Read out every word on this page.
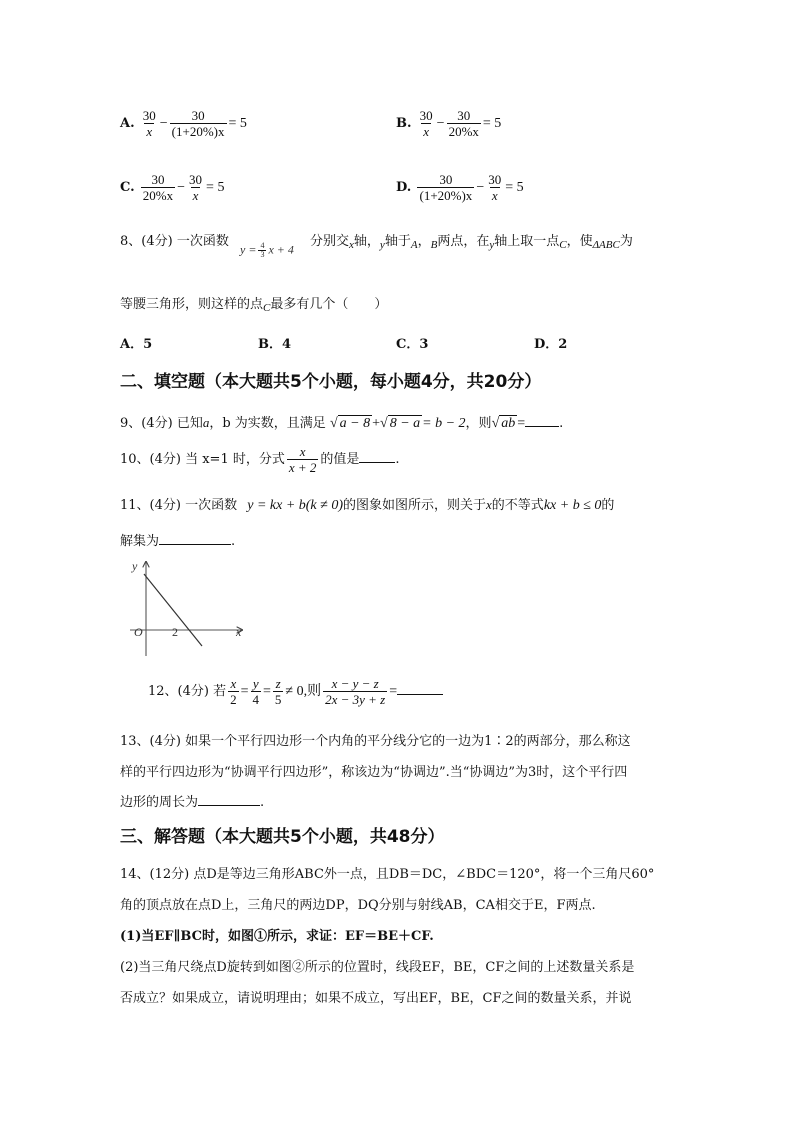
A. $\frac{30}{x} - \frac{30}{(1+20\%)x} = 5$	B. $\frac{30}{x} - \frac{30}{20\%x} = 5$
C. $\frac{30}{20\%x} - \frac{30}{x} = 5$	D. $\frac{30}{(1+20\%)x} - \frac{30}{x} = 5$
8、(4分) 一次函数
$y = \frac{4}{3}$ x + 4
分别交$_x$轴，$_y$轴于$_A$，$_B$两点，在$_y$轴上取一点$_C$，使$_{\Delta ABC}$为
等腰三角形，则这样的点$_C$最多有几个（　　）
A．5	B．4	C．3	D．2
二、填空题（本大题共5个小题，每小题4分，共20分）
9、(4分) 已知a，b 为实数，且满足 √ a − 8 +√ 8 − a = b − 2，则√ ab =	.
10、(4分) 当 x=1 时，分式 $\frac{x}{x + 2}$ 的值是	.
11、(4分) 一次函数 y = kx + b(k ≠ 0)的图象如图所示，则关于x的不等式kx + b ≤ 0的
解集为	.
y
x
O 2
12、(4分) 若 $\frac{x}{2} = \frac{y}{4} = \frac{z}{5} \ne 0$,则 $\frac{x - y - z}{2x - 3y + z}$ =
13、(4分) 如果一个平行四边形一个内角的平分线分它的一边为1∶2的两部分，那么称这
样的平行四边形为“协调平行四边形”，称该边为“协调边”.当“协调边”为3时，这个平行四
边形的周长为	.
三、解答题（本大题共5个小题，共48分）
14、(12分) 点D是等边三角形ABC外一点，且DB＝DC，∠BDC＝120°，将一个三角尺60°
角的顶点放在点D上，三角尺的两边DP，DQ分别与射线AB，CA相交于E，F两点.
(1)当EF∥BC时，如图①所示，求证：EF＝BE＋CF.
(2)当三角尺绕点D旋转到如图②所示的位置时，线段EF，BE，CF之间的上述数量关系是
否成立？如果成立，请说明理由；如果不成立，写出EF，BE，CF之间的数量关系，并说
